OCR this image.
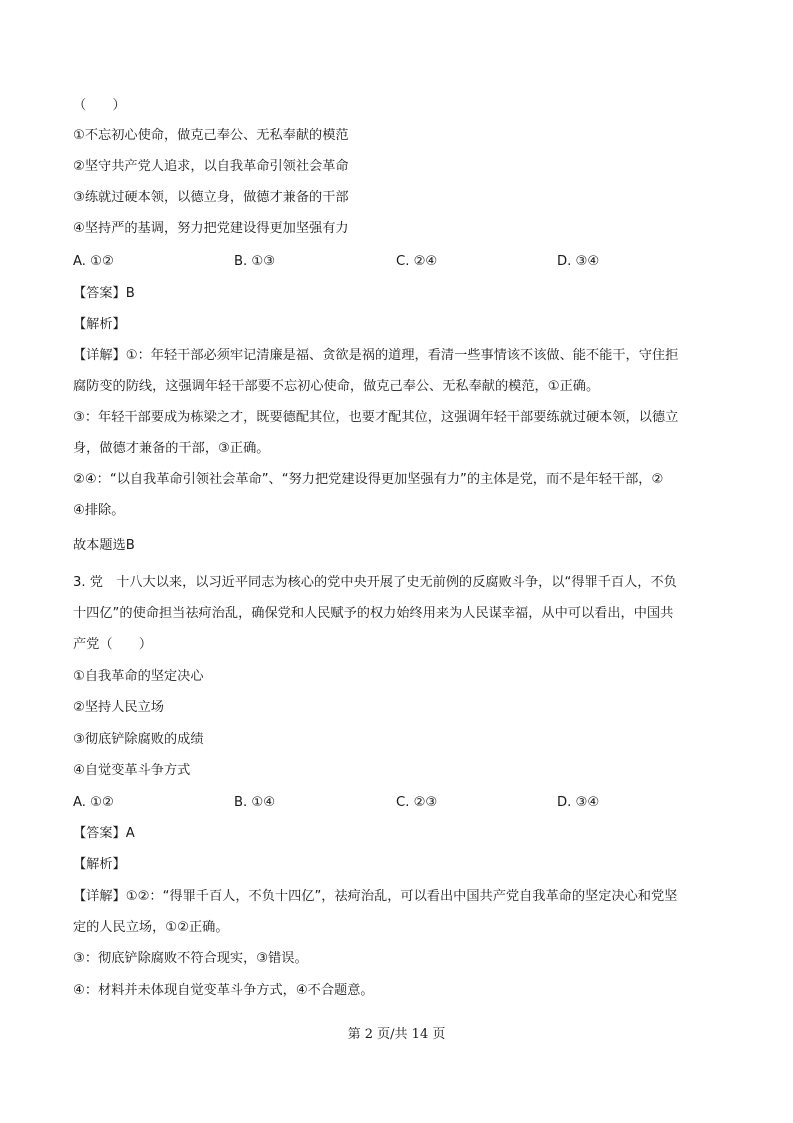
（　　）
①不忘初心使命，做克己奉公、无私奉献的模范
②坚守共产党人追求，以自我革命引领社会革命
③练就过硬本领，以德立身，做德才兼备的干部
④坚持严的基调，努力把党建设得更加坚强有力
A. ①②	B. ①③	C. ②④	D. ③④
【答案】B
【解析】
【详解】①：年轻干部必须牢记清廉是福、贪欲是祸的道理，看清一些事情该不该做、能不能干，守住拒
腐防变的防线，这强调年轻干部要不忘初心使命，做克己奉公、无私奉献的模范，①正确。
③：年轻干部要成为栋梁之才，既要德配其位，也要才配其位，这强调年轻干部要练就过硬本领，以德立
身，做德才兼备的干部，③正确。
②④：“以自我革命引领社会革命”、“努力把党建设得更加坚强有力”的主体是党，而不是年轻干部，②
④排除。
故本题选B
3. 党　十八大以来，以习近平同志为核心的党中央开展了史无前例的反腐败斗争，以“得罪千百人，不负
十四亿”的使命担当祛疴治乱，确保党和人民赋予的权力始终用来为人民谋幸福，从中可以看出，中国共
产党（　　）
①自我革命的坚定决心
②坚持人民立场
③彻底铲除腐败的成绩
④自觉变革斗争方式
A. ①②	B. ①④	C. ②③	D. ③④
【答案】A
【解析】
【详解】①②：“得罪千百人，不负十四亿”，祛疴治乱，可以看出中国共产党自我革命的坚定决心和党坚
定的人民立场，①②正确。
③：彻底铲除腐败不符合现实，③错误。
④：材料并未体现自觉变革斗争方式，④不合题意。
第 2 页/共 14 页
